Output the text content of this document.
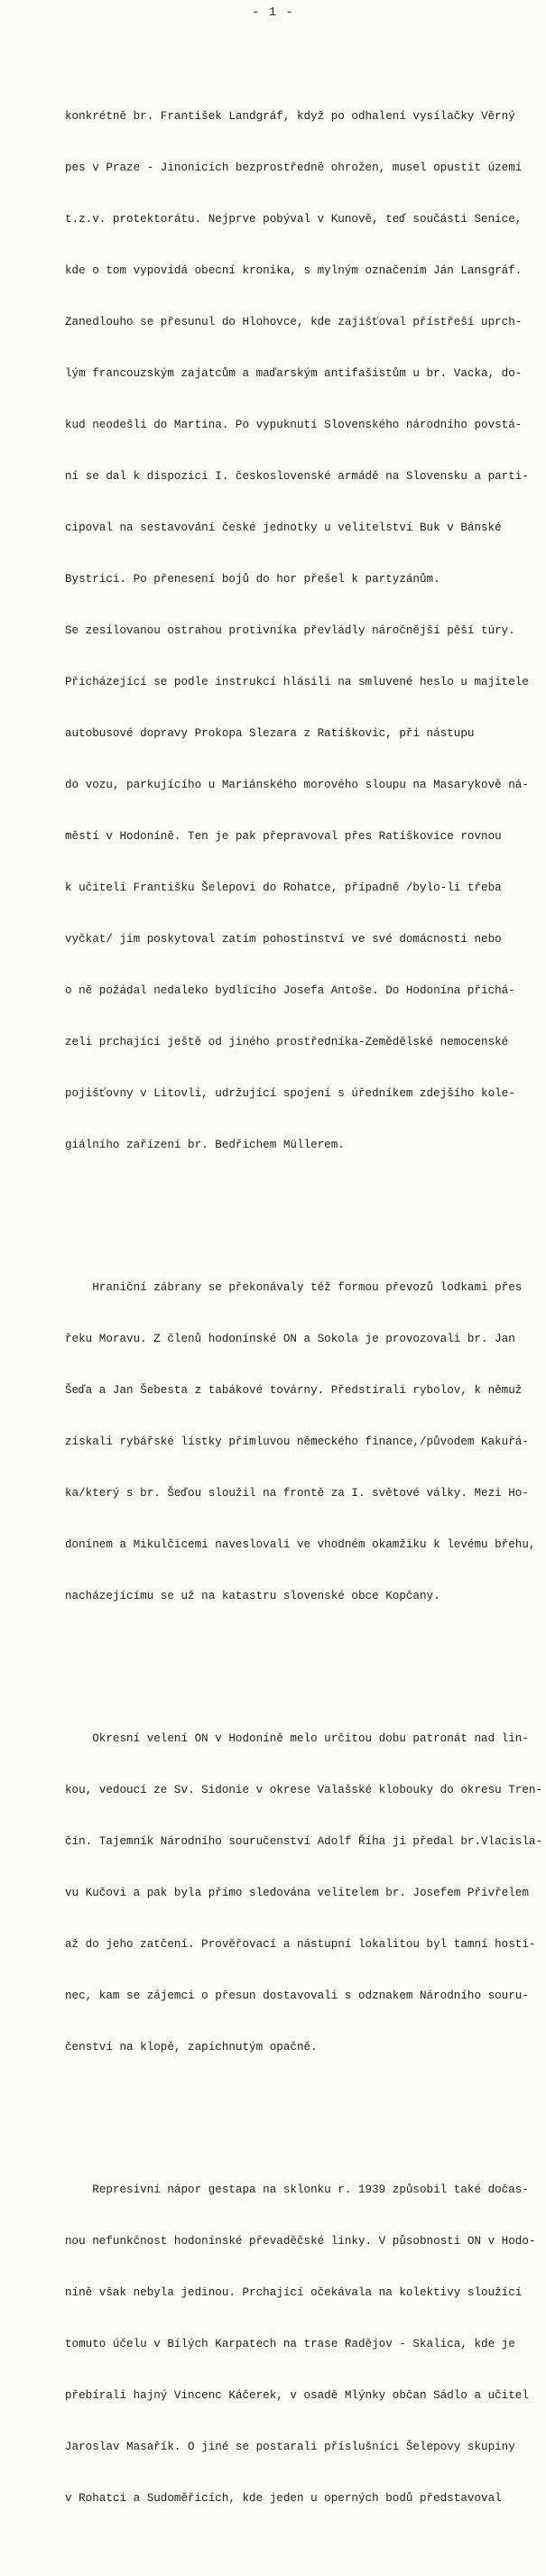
- 1 -

konkrétně br. František Landgráf, když po odhalení vysílačky Věrný

pes v Praze - Jinonicích bezprostředně ohrožen, musel opustit území

t.z.v. protektorátu. Nejprve pobýval v Kunově, teď součásti Senice,

kde o tom vypovídá obecní kronika, s mylným označením Ján Lansgráf.

Zanedlouho se přesunul do Hlohovce, kde zajišťoval přístřeší uprch-

lým francouzským zajatcům a maďarským antifašistům u br. Vacka, do-

kud neodešli do Martina. Po vypuknutí Slovenského národního povstá-

ní se dal k dispozici I. československé armádě na Slovensku a parti-

cipoval na sestavování české jednotky u velitelství Buk v Bánské

Bystrici. Po přenesení bojů do hor přešel k partyzánům.

Se zesilovanou ostrahou protivníka převládly náročnější pěší túry.

Přicházející se podle instrukcí hlásili na smluvené heslo u majitele

autobusové dopravy Prokopa Slezara z Ratíškovic, při nástupu

do vozu, parkujícího u Mariánského morového sloupu na Masarykově ná-

městí v Hodoníně. Ten je pak přepravoval přes Ratíškovice rovnou

k učiteli Františku Šelepovi do Rohatce, případně /bylo-li třeba

vyčkat/ jim poskytoval zatím pohostinství ve své domácnosti nebo

o ně požádal nedaleko bydlícího Josefa Antoše. Do Hodonína přichá-

zeli prchající ještě od jiného prostředníka-Zemědělské nemocenské

pojišťovny v Litovli, udržující spojení s úředníkem zdejšího kole-

giálního zařízení br. Bedřichem Müllerem.

Hraniční zábrany se překonávaly též formou převozů lodkami přes

řeku Moravu. Z členů hodonínské ON a Sokola je provozovali br. Jan

Šeďa a Jan Šebesta z tabákové továrny. Předstírali rybolov, k němuž

získali rybářské lístky přímluvou německého finance,/původem Kakuřá-

ka/který s br. Šeďou sloužil na frontě za I. světové války. Mezi Ho-

donínem a Mikulčicemi naveslovali ve vhodném okamžiku k levému břehu,

nacházejícímu se už na katastru slovenské obce Kopčany.

Okresní velení ON v Hodoníně melo určitou dobu patronát nad lin-

kou, vedoucí ze Sv. Sidonie v okrese Valašské klobouky do okresu Tren-

čín. Tajemník Národního souručenství Adolf Říha ji předal br.Vlacisla-

vu Kučovi a pak byla přímo sledována velitelem br. Josefem Přivřelem

až do jeho zatčení. Prověřovací a nástupní lokalitou byl tamní hostí-

nec, kam se zájemci o přesun dostavovali s odznakem Národního souru-

čenství na klopě, zapíchnutým opačně.

Represivní nápor gestapa na sklonku r. 1939 způsobil také dočas-

nou nefunkčnost hodonínské převaděčské linky. V působnosti ON v Hodo-

níně však nebyla jedinou. Prchající očekávala na kolektivy sloužící

tomuto účelu v Bílých Karpatech na trase Radějov - Skalica, kde je

přebírali hajný Vincenc Káčerek, v osadě Mlýnky občan Sádlo a učitel

Jaroslav Masařík. O jiné se postarali příslušníci Šelepovy skupiny

v Rohatci a Sudoměřicích, kde jeden u operných bodů představoval
